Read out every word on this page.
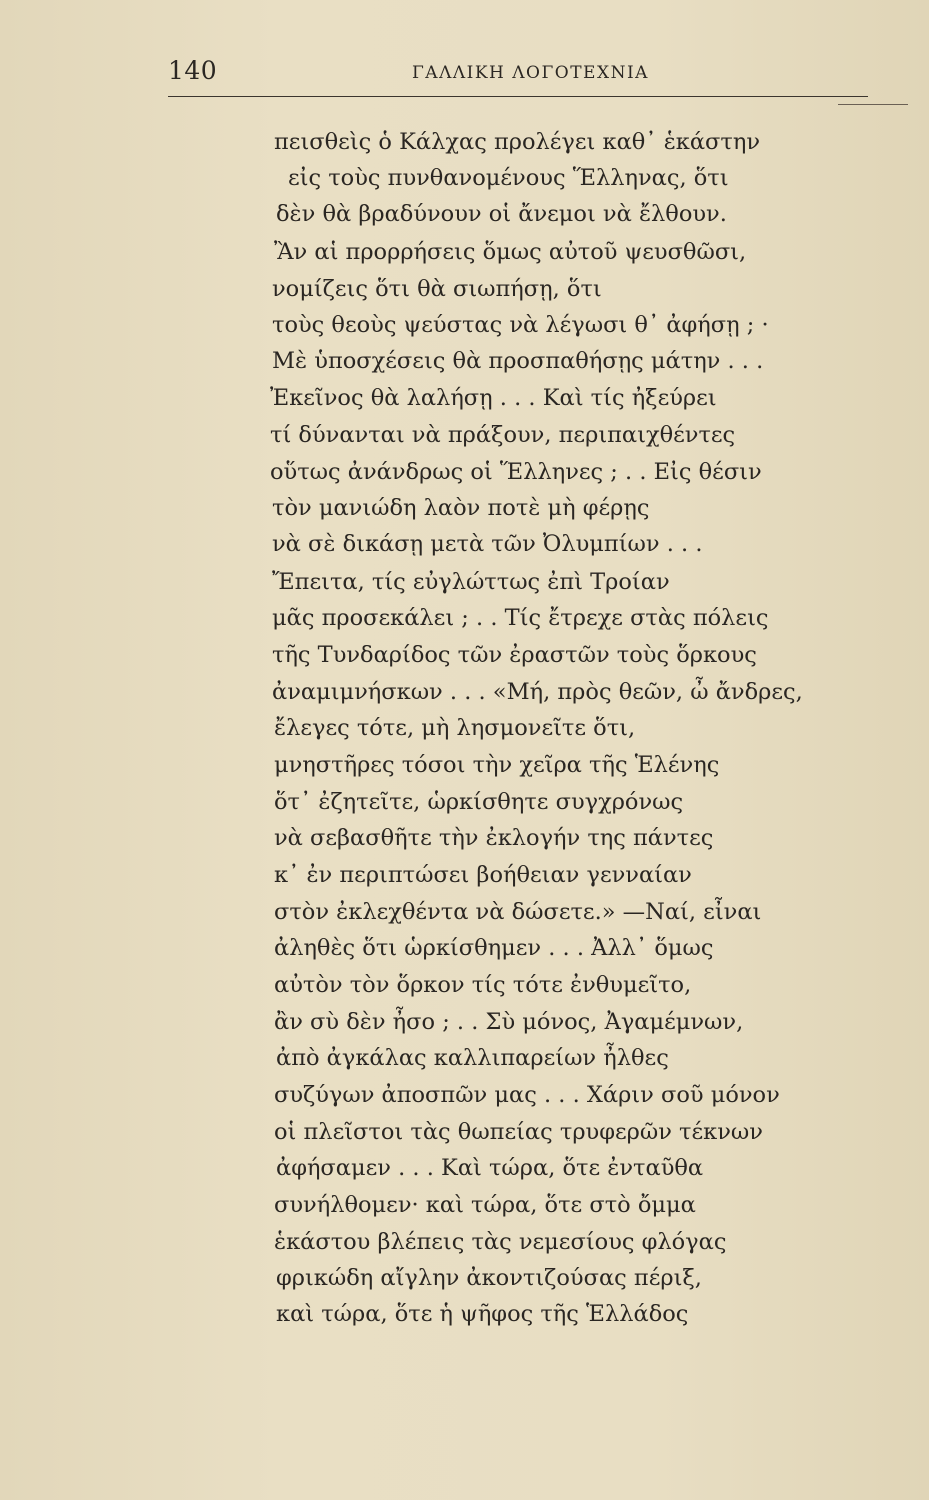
140	ΓΑΛΛΙΚΗ ΛΟΓΟΤΕΧΝΙΑ
πεισθεὶς ὁ Κάλχας προλέγει καθ᾽ ἑκάστην
εἰς τοὺς πυνθανομένους Ἕλληνας, ὅτι
δὲν θὰ βραδύνουν οἱ ἄνεμοι νὰ ἔλθουν.
Ἂν αἱ προρρήσεις ὅμως αὐτοῦ ψευσθῶσι,
νομίζεις ὅτι θὰ σιωπήσῃ, ὅτι
τοὺς θεοὺς ψεύστας νὰ λέγωσι θ᾽ ἀφήσῃ ; ·
Μὲ ὑποσχέσεις θὰ προσπαθήσῃς μάτην . . .
Ἐκεῖνος θὰ λαλήσῃ . . . Καὶ τίς ἠξεύρει
τί δύνανται νὰ πράξουν, περιπαιχθέντες
οὕτως ἀνάνδρως οἱ Ἕλληνες ; . . Εἰς θέσιν
τὸν μανιώδη λαὸν ποτὲ μὴ φέρῃς
νὰ σὲ δικάσῃ μετὰ τῶν Ὀλυμπίων . . .
Ἔπειτα, τίς εὐγλώττως ἐπὶ Τροίαν
μᾶς προσεκάλει ; . . Τίς ἔτρεχε στὰς πόλεις
τῆς Τυνδαρίδος τῶν ἐραστῶν τοὺς ὅρκους
ἀναμιμνήσκων . . . «Μή, πρὸς θεῶν, ὦ ἄνδρες,
ἔλεγες τότε, μὴ λησμονεῖτε ὅτι,
μνηστῆρες τόσοι τὴν χεῖρα τῆς Ἑλένης
ὅτ᾽ ἐζητεῖτε, ὡρκίσθητε συγχρόνως
νὰ σεβασθῆτε τὴν ἐκλογήν της πάντες
κ᾽ ἐν περιπτώσει βοήθειαν γενναίαν
στὸν ἐκλεχθέντα νὰ δώσετε.» —Ναί, εἶναι
ἀληθὲς ὅτι ὡρκίσθημεν . . . Ἀλλ᾽ ὅμως
αὐτὸν τὸν ὅρκον τίς τότε ἐνθυμεῖτο,
ἂν σὺ δὲν ἦσο ; . . Σὺ μόνος, Ἀγαμέμνων,
ἀπὸ ἀγκάλας καλλιπαρείων ἦλθες
συζύγων ἀποσπῶν μας . . . Χάριν σοῦ μόνον
οἱ πλεῖστοι τὰς θωπείας τρυφερῶν τέκνων
ἀφήσαμεν . . . Καὶ τώρα, ὅτε ἐνταῦθα
συνήλθομεν· καὶ τώρα, ὅτε στὸ ὄμμα
ἑκάστου βλέπεις τὰς νεμεσίους φλόγας
φρικώδη αἴγλην ἀκοντιζούσας πέριξ,
καὶ τώρα, ὅτε ἡ ψῆφος τῆς Ἑλλάδος
